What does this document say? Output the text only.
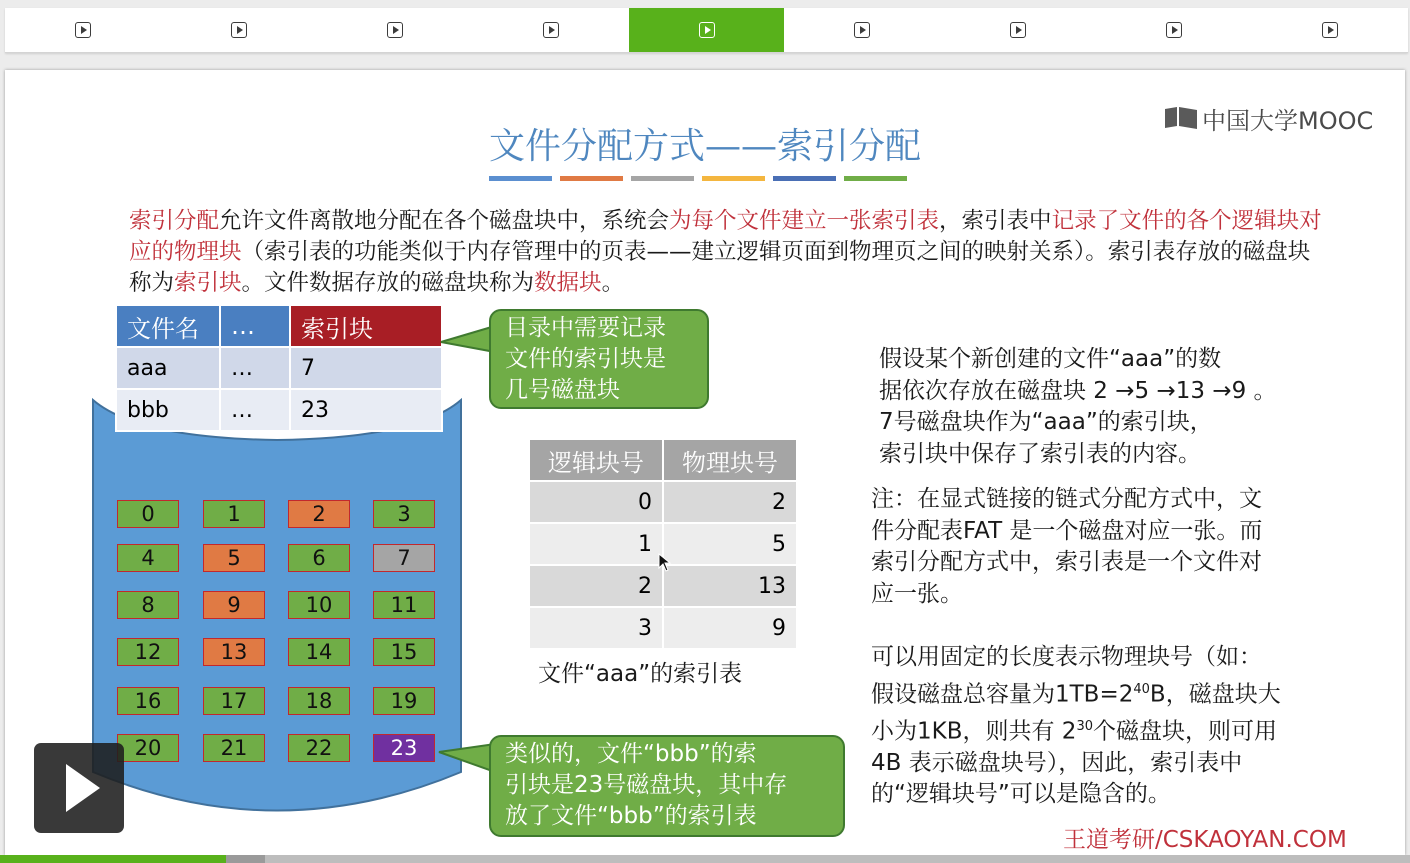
文件分配方式——索引分配
中国大学MOOC
索引分配允许文件离散地分配在各个磁盘块中，系统会为每个文件建立一张索引表，索引表中记录了文件的各个逻辑块对应的物理块（索引表的功能类似于内存管理中的页表——建立逻辑页面到物理页之间的映射关系）。索引表存放的磁盘块称为索引块。文件数据存放的磁盘块称为数据块。
文件名	…	索引块
aaa	…	7
bbb	…	23
0	1	2	3
4	5	6	7
8	9	10	11
12	13	14	15
16	17	18	19
20	21	22	23
目录中需要记录
文件的索引块是
几号磁盘块
类似的，文件“bbb”的索
引块是23号磁盘块，其中存
放了文件“bbb”的索引表
逻辑块号	物理块号
0	2
1	5
2	13
3	9
文件“aaa”的索引表
假设某个新创建的文件“aaa”的数
据依次存放在磁盘块 2 →5 →13 →9 。
7号磁盘块作为“aaa”的索引块，
索引块中保存了索引表的内容。
注：在显式链接的链式分配方式中，文
件分配表FAT 是一个磁盘对应一张。而
索引分配方式中，索引表是一个文件对
应一张。
可以用固定的长度表示物理块号（如：
假设磁盘总容量为$1TB=2^{40}B$，磁盘块大
小为1KB，则共有 $2^{30}$个磁盘块，则可用
4B 表示磁盘块号），因此，索引表中
的“逻辑块号”可以是隐含的。
王道考研/CSKAOYAN.COM
